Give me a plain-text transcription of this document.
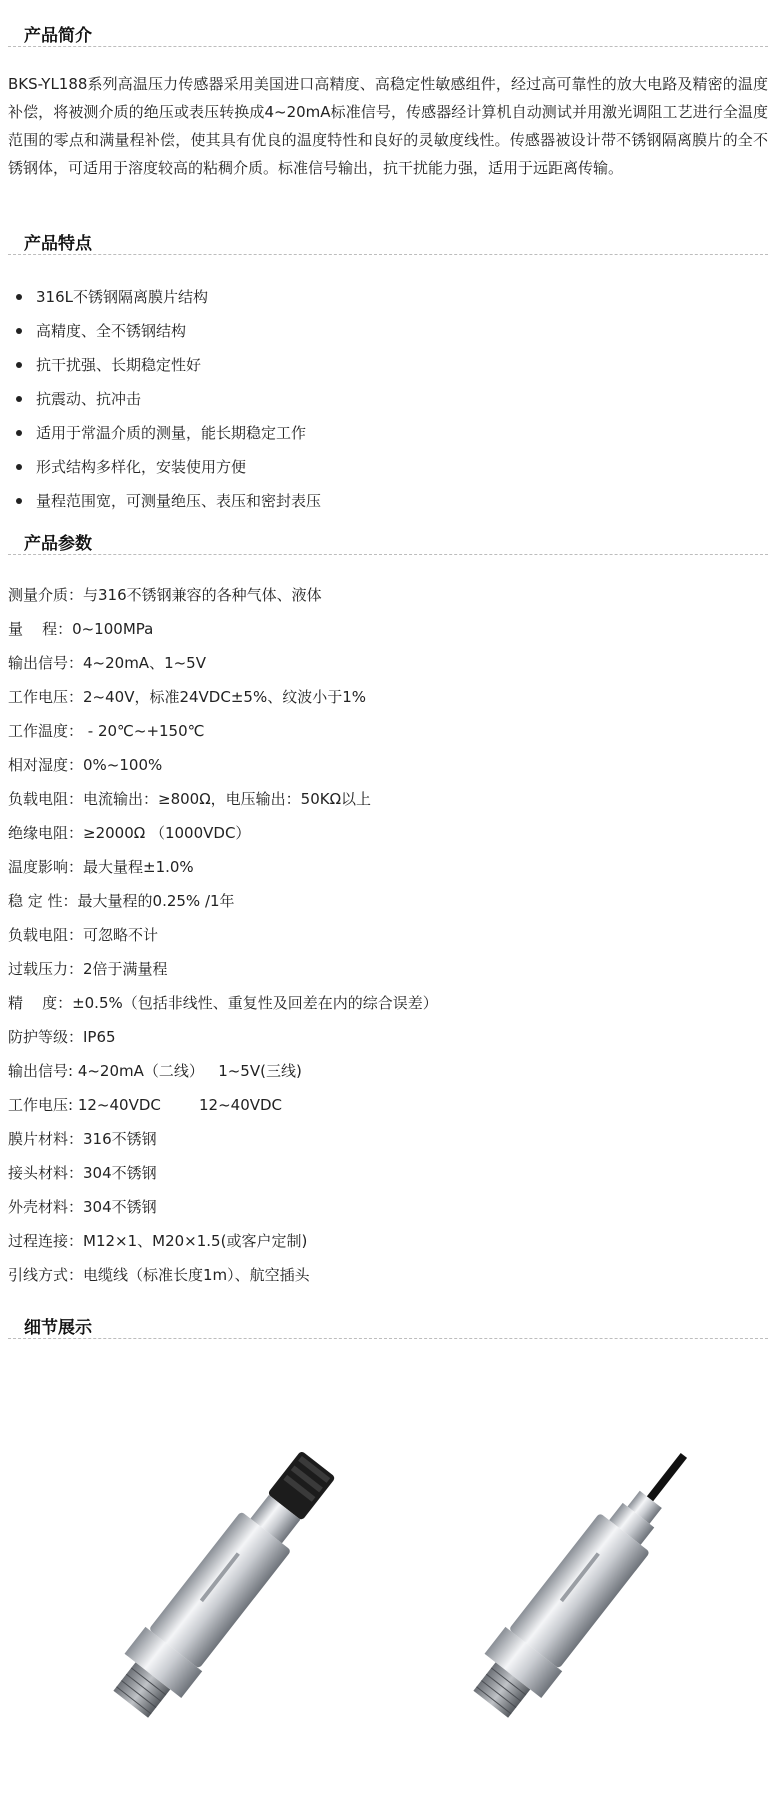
产品简介
BKS-YL188系列高温压力传感器采用美国进口高精度、高稳定性敏感组件，经过高可靠性的放大电路及精密的温度补偿，将被测介质的绝压或表压转换成4~20mA标准信号，传感器经计算机自动测试并用激光调阻工艺进行全温度范围的零点和满量程补偿，使其具有优良的温度特性和良好的灵敏度线性。传感器被设计带不锈钢隔离膜片的全不锈钢体，可适用于溶度较高的粘稠介质。标准信号输出，抗干扰能力强，适用于远距离传输。
产品特点
316L不锈钢隔离膜片结构
高精度、全不锈钢结构
抗干扰强、长期稳定性好
抗震动、抗冲击
适用于常温介质的测量，能长期稳定工作
形式结构多样化，安装使用方便
量程范围宽，可测量绝压、表压和密封表压
产品参数
测量介质：与316不锈钢兼容的各种气体、液体
量    程：0~100MPa
输出信号：4~20mA、1~5V
工作电压：2~40V，标准24VDC±5%、纹波小于1%
工作温度： - 20℃~+150℃
相对湿度：0%~100%
负载电阻：电流输出：≥800Ω，电压输出：50KΩ以上
绝缘电阻：≥2000Ω （1000VDC）
温度影响：最大量程±1.0%
稳 定 性：最大量程的0.25% /1年
负载电阻：可忽略不计
过载压力：2倍于满量程
精    度：±0.5%（包括非线性、重复性及回差在内的综合误差）
防护等级：IP65
输出信号: 4~20mA（二线）   1~5V(三线)
工作电压: 12~40VDC        12~40VDC
膜片材料：316不锈钢
接头材料：304不锈钢
外壳材料：304不锈钢
过程连接：M12×1、M20×1.5(或客户定制)
引线方式：电缆线（标准长度1m）、航空插头
细节展示
